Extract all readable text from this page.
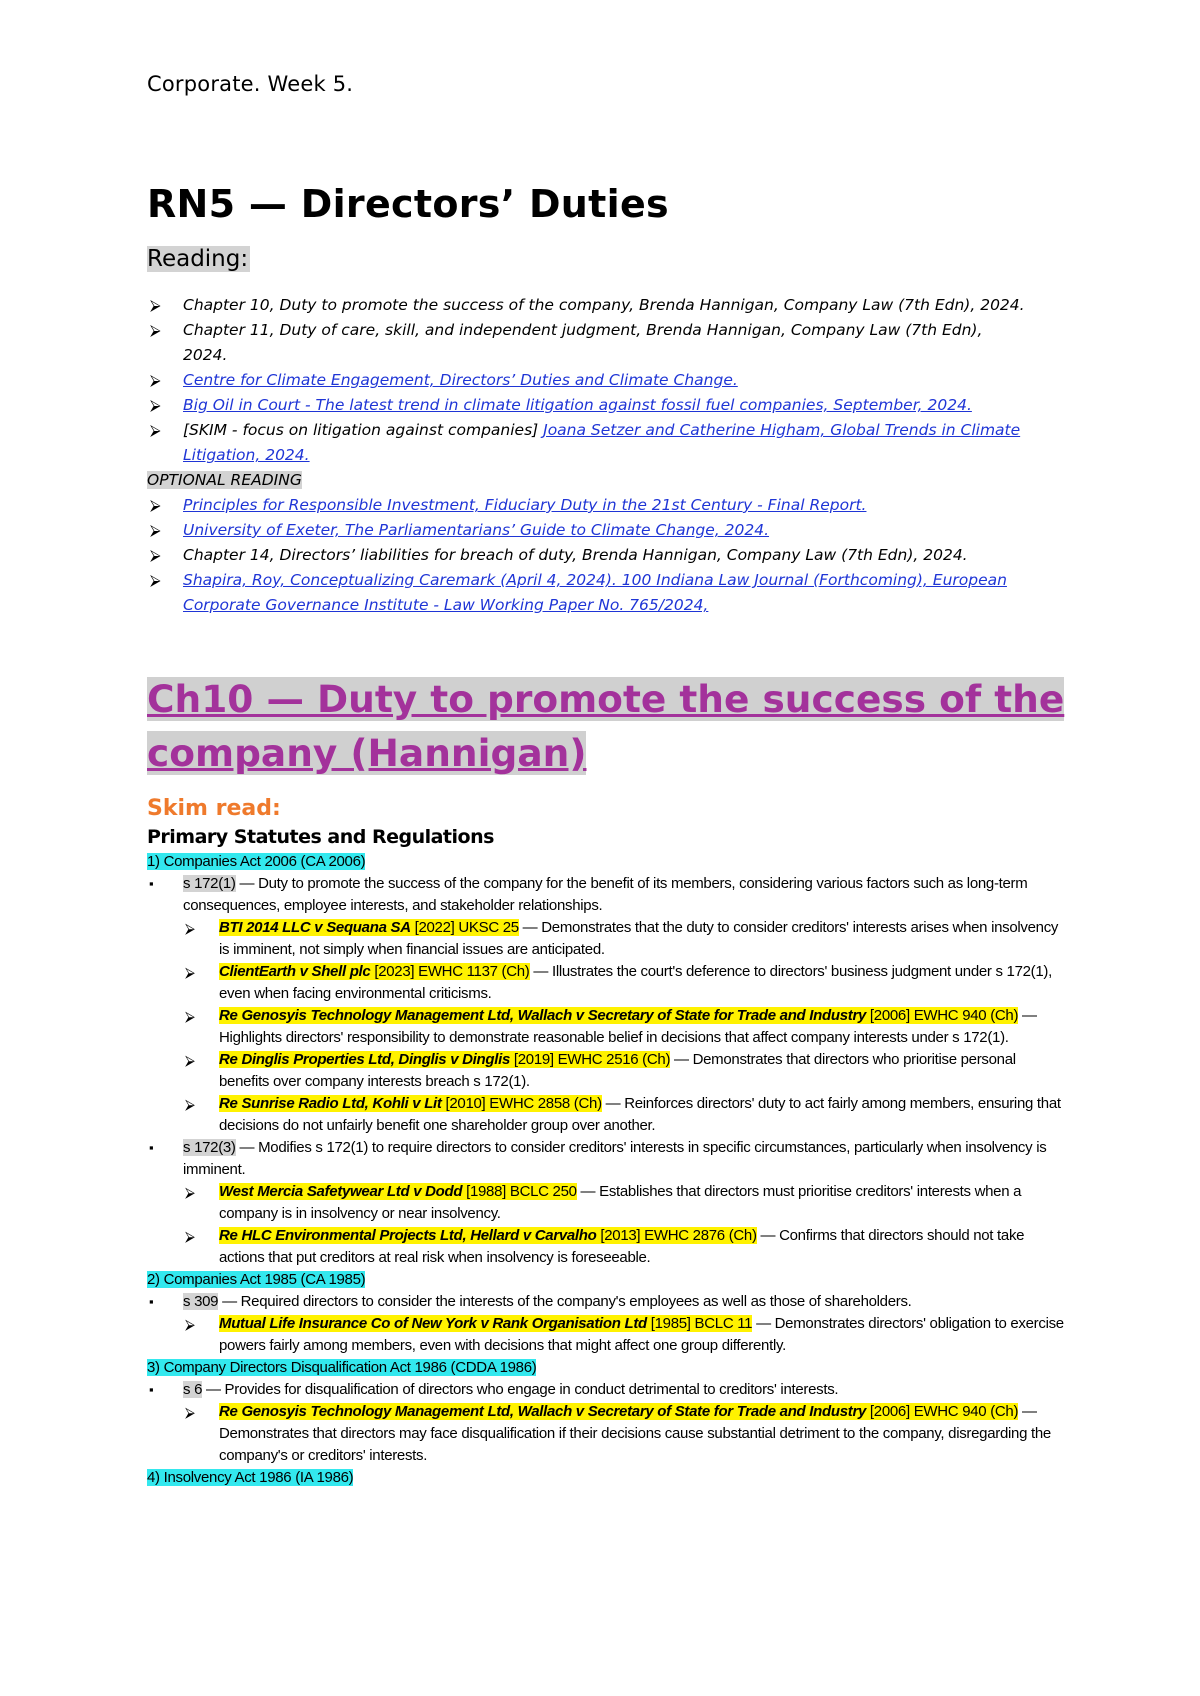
Corporate. Week 5.
RN5 — Directors’ Duties
Reading:
⮚ Chapter 10, Duty to promote the success of the company, Brenda Hannigan, Company Law (7th Edn), 2024.
⮚ Chapter 11, Duty of care, skill, and independent judgment, Brenda Hannigan, Company Law (7th Edn), 2024.
⮚ Centre for Climate Engagement, Directors’ Duties and Climate Change.
⮚ Big Oil in Court - The latest trend in climate litigation against fossil fuel companies, September, 2024.
⮚ [SKIM - focus on litigation against companies] Joana Setzer and Catherine Higham, Global Trends in Climate Litigation, 2024.
OPTIONAL READING
⮚ Principles for Responsible Investment, Fiduciary Duty in the 21st Century - Final Report.
⮚ University of Exeter, The Parliamentarians’ Guide to Climate Change, 2024.
⮚ Chapter 14, Directors’ liabilities for breach of duty, Brenda Hannigan, Company Law (7th Edn), 2024.
⮚ Shapira, Roy, Conceptualizing Caremark (April 4, 2024). 100 Indiana Law Journal (Forthcoming), European Corporate Governance Institute - Law Working Paper No. 765/2024,
Ch10 — Duty to promote the success of the company (Hannigan)
Skim read:
Primary Statutes and Regulations
1) Companies Act 2006 (CA 2006)
▪ s 172(1) — Duty to promote the success of the company for the benefit of its members, considering various factors such as long-term consequences, employee interests, and stakeholder relationships.
⮚ BTI 2014 LLC v Sequana SA [2022] UKSC 25 — Demonstrates that the duty to consider creditors' interests arises when insolvency is imminent, not simply when financial issues are anticipated.
⮚ ClientEarth v Shell plc [2023] EWHC 1137 (Ch) — Illustrates the court's deference to directors' business judgment under s 172(1), even when facing environmental criticisms.
⮚ Re Genosyis Technology Management Ltd, Wallach v Secretary of State for Trade and Industry [2006] EWHC 940 (Ch) — Highlights directors' responsibility to demonstrate reasonable belief in decisions that affect company interests under s 172(1).
⮚ Re Dinglis Properties Ltd, Dinglis v Dinglis [2019] EWHC 2516 (Ch) — Demonstrates that directors who prioritise personal benefits over company interests breach s 172(1).
⮚ Re Sunrise Radio Ltd, Kohli v Lit [2010] EWHC 2858 (Ch) — Reinforces directors' duty to act fairly among members, ensuring that decisions do not unfairly benefit one shareholder group over another.
▪ s 172(3) — Modifies s 172(1) to require directors to consider creditors' interests in specific circumstances, particularly when insolvency is imminent.
⮚ West Mercia Safetywear Ltd v Dodd [1988] BCLC 250 — Establishes that directors must prioritise creditors' interests when a company is in insolvency or near insolvency.
⮚ Re HLC Environmental Projects Ltd, Hellard v Carvalho [2013] EWHC 2876 (Ch) — Confirms that directors should not take actions that put creditors at real risk when insolvency is foreseeable.
2) Companies Act 1985 (CA 1985)
▪ s 309 — Required directors to consider the interests of the company's employees as well as those of shareholders.
⮚ Mutual Life Insurance Co of New York v Rank Organisation Ltd [1985] BCLC 11 — Demonstrates directors' obligation to exercise powers fairly among members, even with decisions that might affect one group differently.
3) Company Directors Disqualification Act 1986 (CDDA 1986)
▪ s 6 — Provides for disqualification of directors who engage in conduct detrimental to creditors' interests.
⮚ Re Genosyis Technology Management Ltd, Wallach v Secretary of State for Trade and Industry [2006] EWHC 940 (Ch) — Demonstrates that directors may face disqualification if their decisions cause substantial detriment to the company, disregarding the company's or creditors' interests.
4) Insolvency Act 1986 (IA 1986)
